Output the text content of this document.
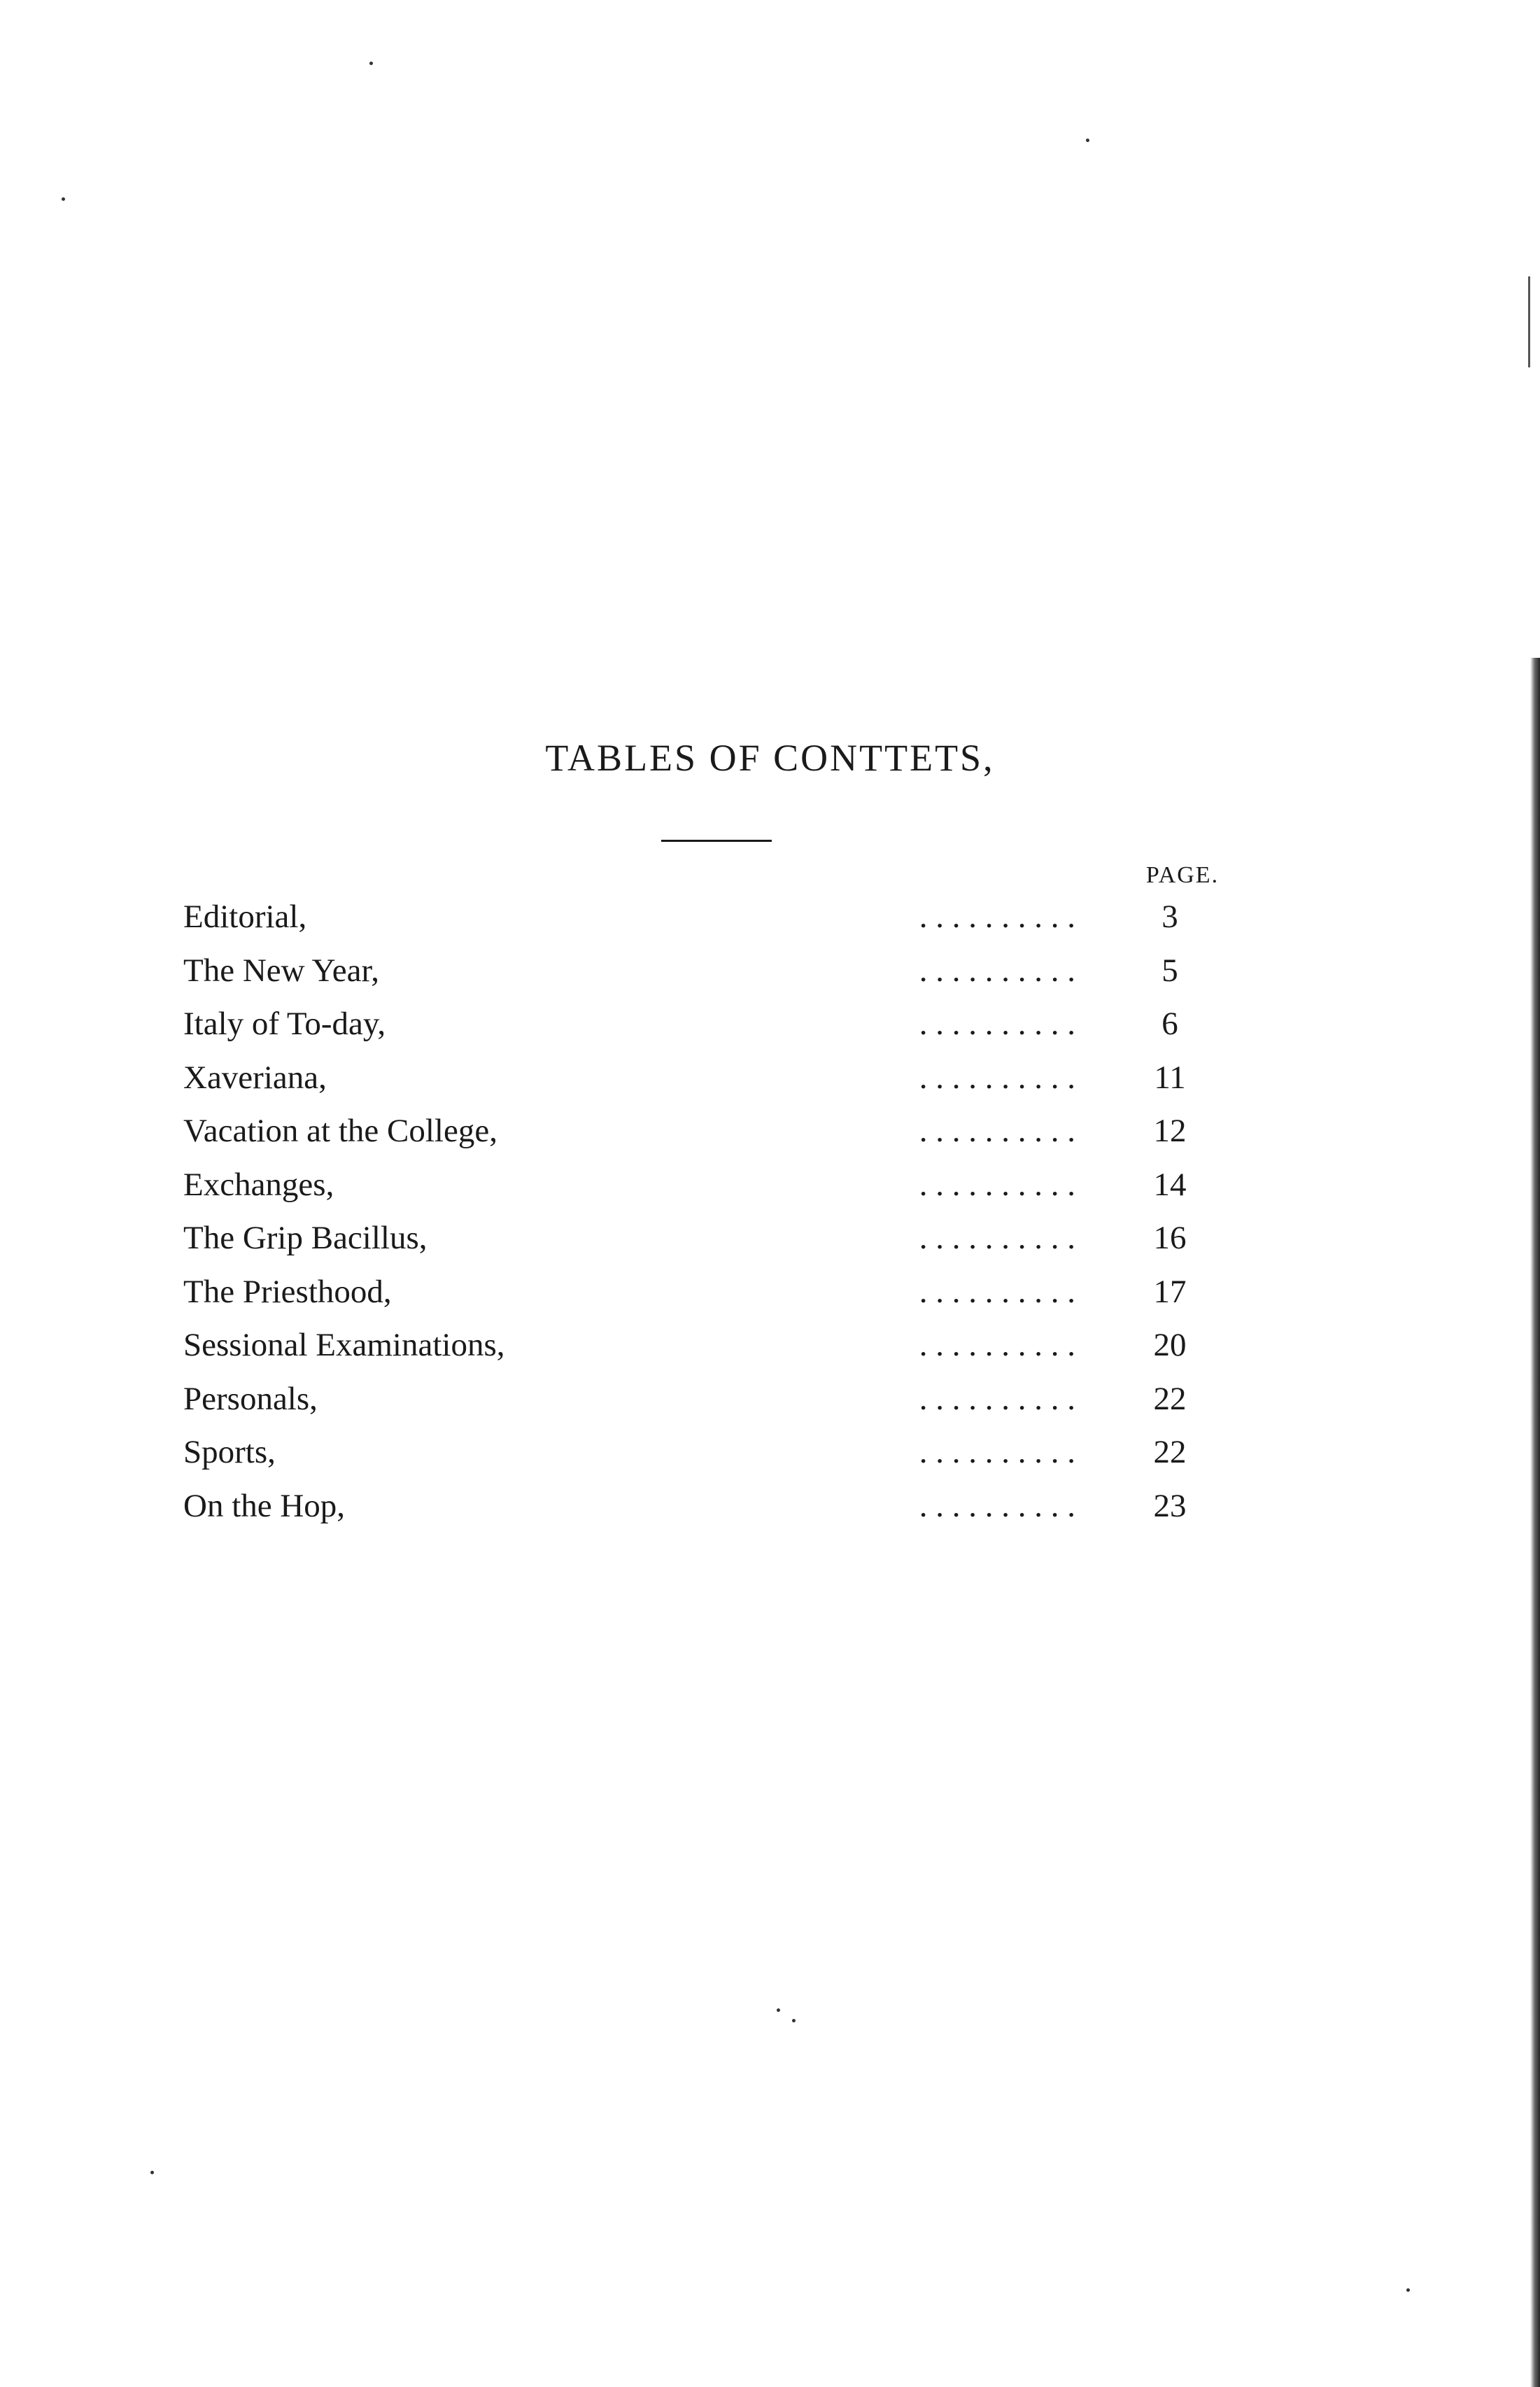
TABLES OF CONTTETS,
PAGE.
Editorial,	. . . . . . . . . .	3
The New Year,	. . . . . . . . . .	5
Italy of To-day,	. . . . . . . . . .	6
Xaveriana,	. . . . . . . . . .	11
Vacation at the College,	. . . . . . . . . .	12
Exchanges,	. . . . . . . . . .	14
The Grip Bacillus,	. . . . . . . . . .	16
The Priesthood,	. . . . . . . . . .	17
Sessional Examinations,	. . . . . . . . . .	20
Personals,	. . . . . . . . . .	22
Sports,	. . . . . . . . . .	22
On the Hop,	. . . . . . . . . .	23
